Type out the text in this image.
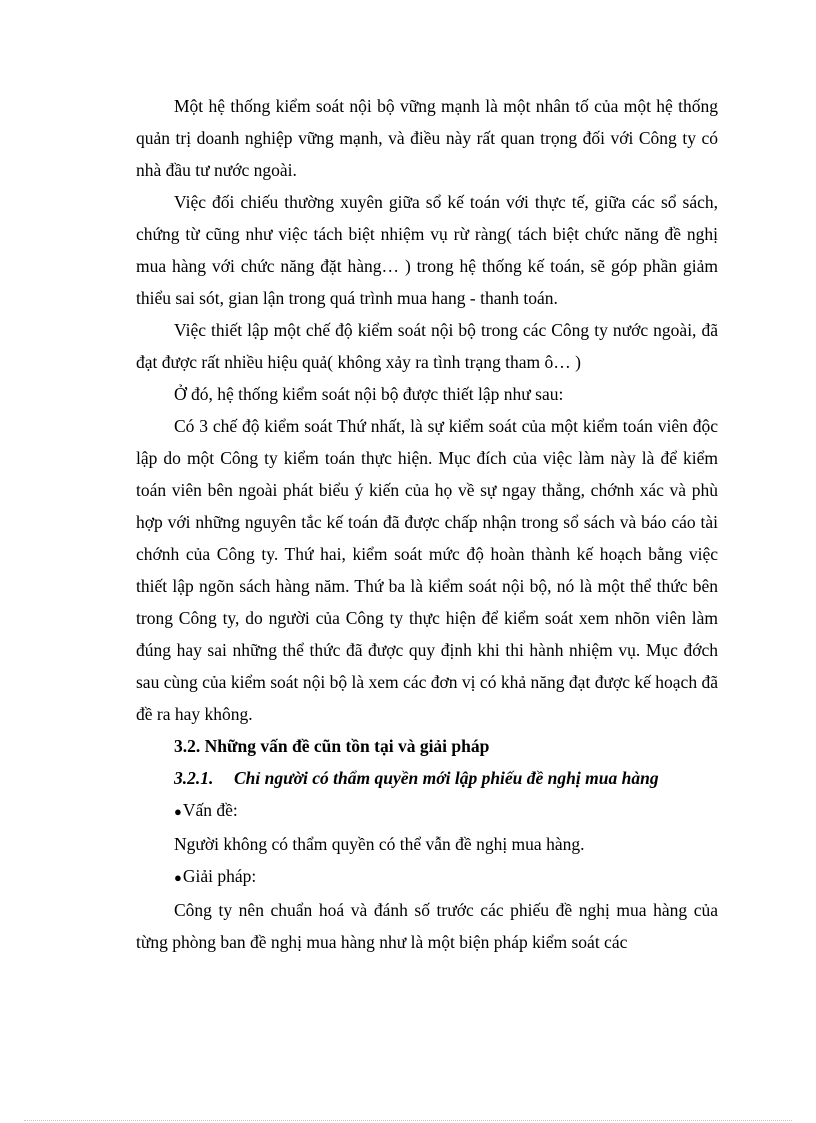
Một hệ thống kiểm soát nội bộ vững mạnh là một nhân tố của một hệ thống quản trị doanh nghiệp vững mạnh, và điều này rất quan trọng đối với Công ty có nhà đầu tư nước ngoài.

Việc đối chiếu thường xuyên giữa sổ kế toán với thực tế, giữa các sổ sách, chứng từ cũng như việc tách biệt nhiệm vụ rừ ràng( tách biệt chức năng đề nghị mua hàng với chức năng đặt hàng… ) trong hệ thống kế toán, sẽ góp phần giảm thiểu sai sót, gian lận trong quá trình mua hang - thanh toán.

Việc thiết lập một chế độ kiểm soát nội bộ trong các Công ty nước ngoài, đã đạt được rất nhiều hiệu quả( không xảy ra tình trạng tham ô… )

Ở đó, hệ thống kiểm soát nội bộ được thiết lập như sau:

Có 3 chế độ kiểm soát Thứ nhất, là sự kiểm soát của một kiểm toán viên độc lập do một Công ty kiểm toán thực hiện. Mục đích của việc làm này là để kiểm toán viên bên ngoài phát biểu ý kiến của họ về sự ngay thẳng, chớnh xác và phù hợp với những nguyên tắc kế toán đã được chấp nhận trong sổ sách và báo cáo tài chớnh của Công ty. Thứ hai, kiểm soát mức độ hoàn thành kế hoạch bằng việc thiết lập ngõn sách hàng năm. Thứ ba là kiểm soát nội bộ, nó là một thể thức bên trong Công ty, do người của Công ty thực hiện để kiểm soát xem nhõn viên làm đúng hay sai những thể thức đã được quy định khi thi hành nhiệm vụ. Mục đớch sau cùng của kiểm soát nội bộ là xem các đơn vị có khả năng đạt được kế hoạch đã đề ra hay không.

3.2. Những vấn đề cũn tồn tại và giải pháp

3.2.1. Chỉ người có thẩm quyền mới lập phiếu đề nghị mua hàng

●Vấn đề:

Người không có thẩm quyền có thể vẫn đề nghị mua hàng.

●Giải pháp:

Công ty nên chuẩn hoá và đánh số trước các phiếu đề nghị mua hàng của từng phòng ban đề nghị mua hàng như là một biện pháp kiểm soát các
